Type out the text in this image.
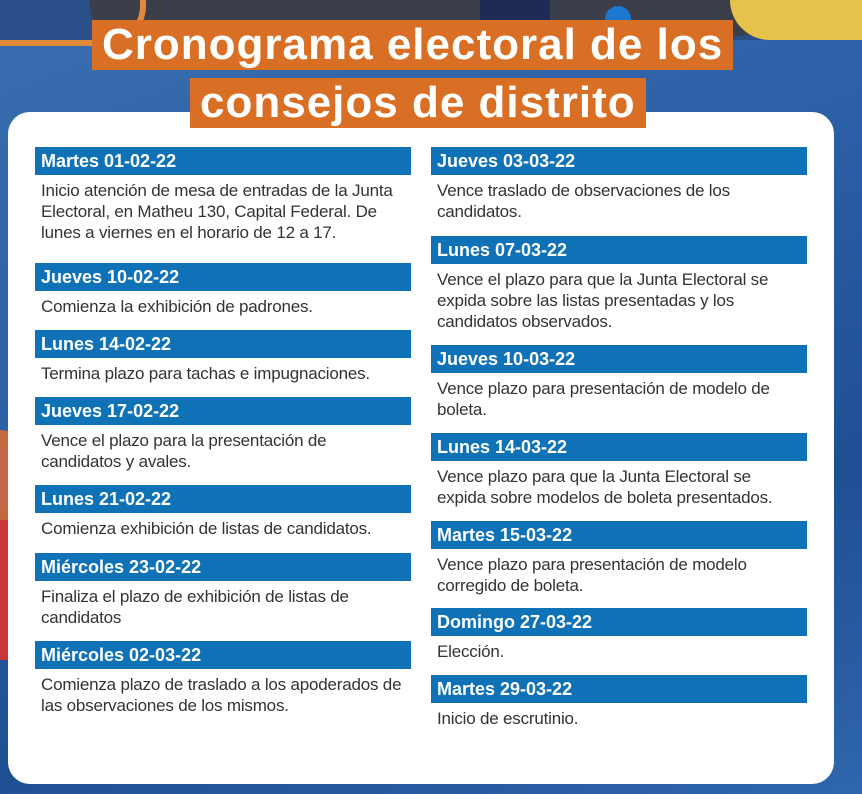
Cronograma electoral de los
consejos de distrito
Martes 01-02-22
Inicio atención de mesa de entradas de la Junta Electoral, en Matheu 130, Capital Federal. De lunes a viernes en el horario de 12 a 17.
Jueves 10-02-22
Comienza la exhibición de padrones.
Lunes 14-02-22
Termina plazo para tachas e impugnaciones.
Jueves 17-02-22
Vence el plazo para la presentación de candidatos y avales.
Lunes 21-02-22
Comienza exhibición de listas de candidatos.
Miércoles 23-02-22
Finaliza el plazo de exhibición de listas de candidatos
Miércoles 02-03-22
Comienza plazo de traslado a los apoderados de las observaciones de los mismos.
Jueves 03-03-22
Vence traslado de observaciones de los candidatos.
Lunes 07-03-22
Vence el plazo para que la Junta Electoral se expida sobre las listas presentadas y los candidatos observados.
Jueves 10-03-22
Vence plazo para presentación de modelo de boleta.
Lunes 14-03-22
Vence plazo para que la Junta Electoral se expida sobre modelos de boleta presentados.
Martes 15-03-22
Vence plazo para presentación de modelo corregido de boleta.
Domingo 27-03-22
Elección.
Martes 29-03-22
Inicio de escrutinio.
